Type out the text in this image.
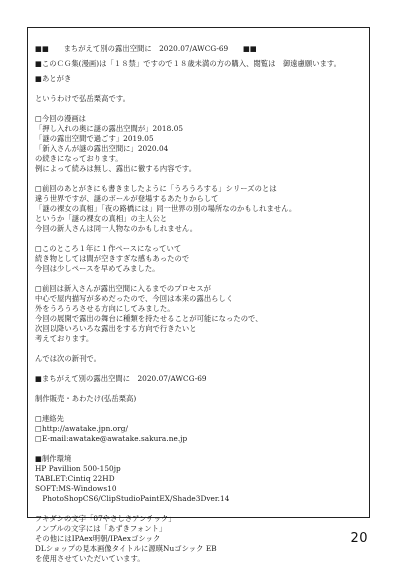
■■　　まちがえて別の露出空間に　2020.07/AWCG-69　　■■
■このＣＧ集(漫画)は「１８禁」ですので１８歳未満の方の購入、閲覧は　御遠慮願います。
■あとがき
というわけで弘岳栗高です。
□今回の漫画は
「押し入れの奥に謎の露出空間が」2018.05
「謎の露出空間で過ごす」2019.05
「新入さんが謎の露出空間に」2020.04
の続きになっております。
例によって続みは無し、露出に徹する内容です。
□前回のあとがきにも書きましたように「うろうろする」シリーズのとは
違う世界ですが、謎のボールが登場するあたりからして
「謎の裸女の真相」「夜の路橋には」同一世界の別の場所なのかもしれません。
というか「謎の裸女の真相」の主人公と
今回の新人さんは同一人物なのかもしれません。
□このところ１年に１作ペースになっていて
続き物としては間が空きすぎな感もあったので
今回は少しペースを早めてみました。
□前回は新入さんが露出空間に入るまでのプロセスが
中心で屋内描写が多めだったので、今回は本来の露出らしく
外をうろうろさせる方向にしてみました。
今回の展開で露出の舞台に種類を持たせることが可能になったので、
次回以降いろいろな露出をする方向で行きたいと
考えております。
んでは次の新刊で。
■まちがえて別の露出空間に　2020.07/AWCG-69
制作販売・あわたけ(弘岳栗高)
□連絡先
□http://awatake.jpn.org/
□E-mail:awatake@awatake.sakura.ne.jp
■制作環境
HP Pavillion 500-150jp
TABLET:Cintiq 22HD
SOFT:MS-Windows10
　PhotoShopCS6/ClipStudioPaintEX/Shade3Dver.14
フキダシの文字「07やさしさアンチック」
ノンブルの文字には「あずきフォント」
その他にはIPAex明朝/IPAexゴシック
DLショップの見本画像タイトルに源暎Nuゴシック EB
を使用させていただいています。
20
